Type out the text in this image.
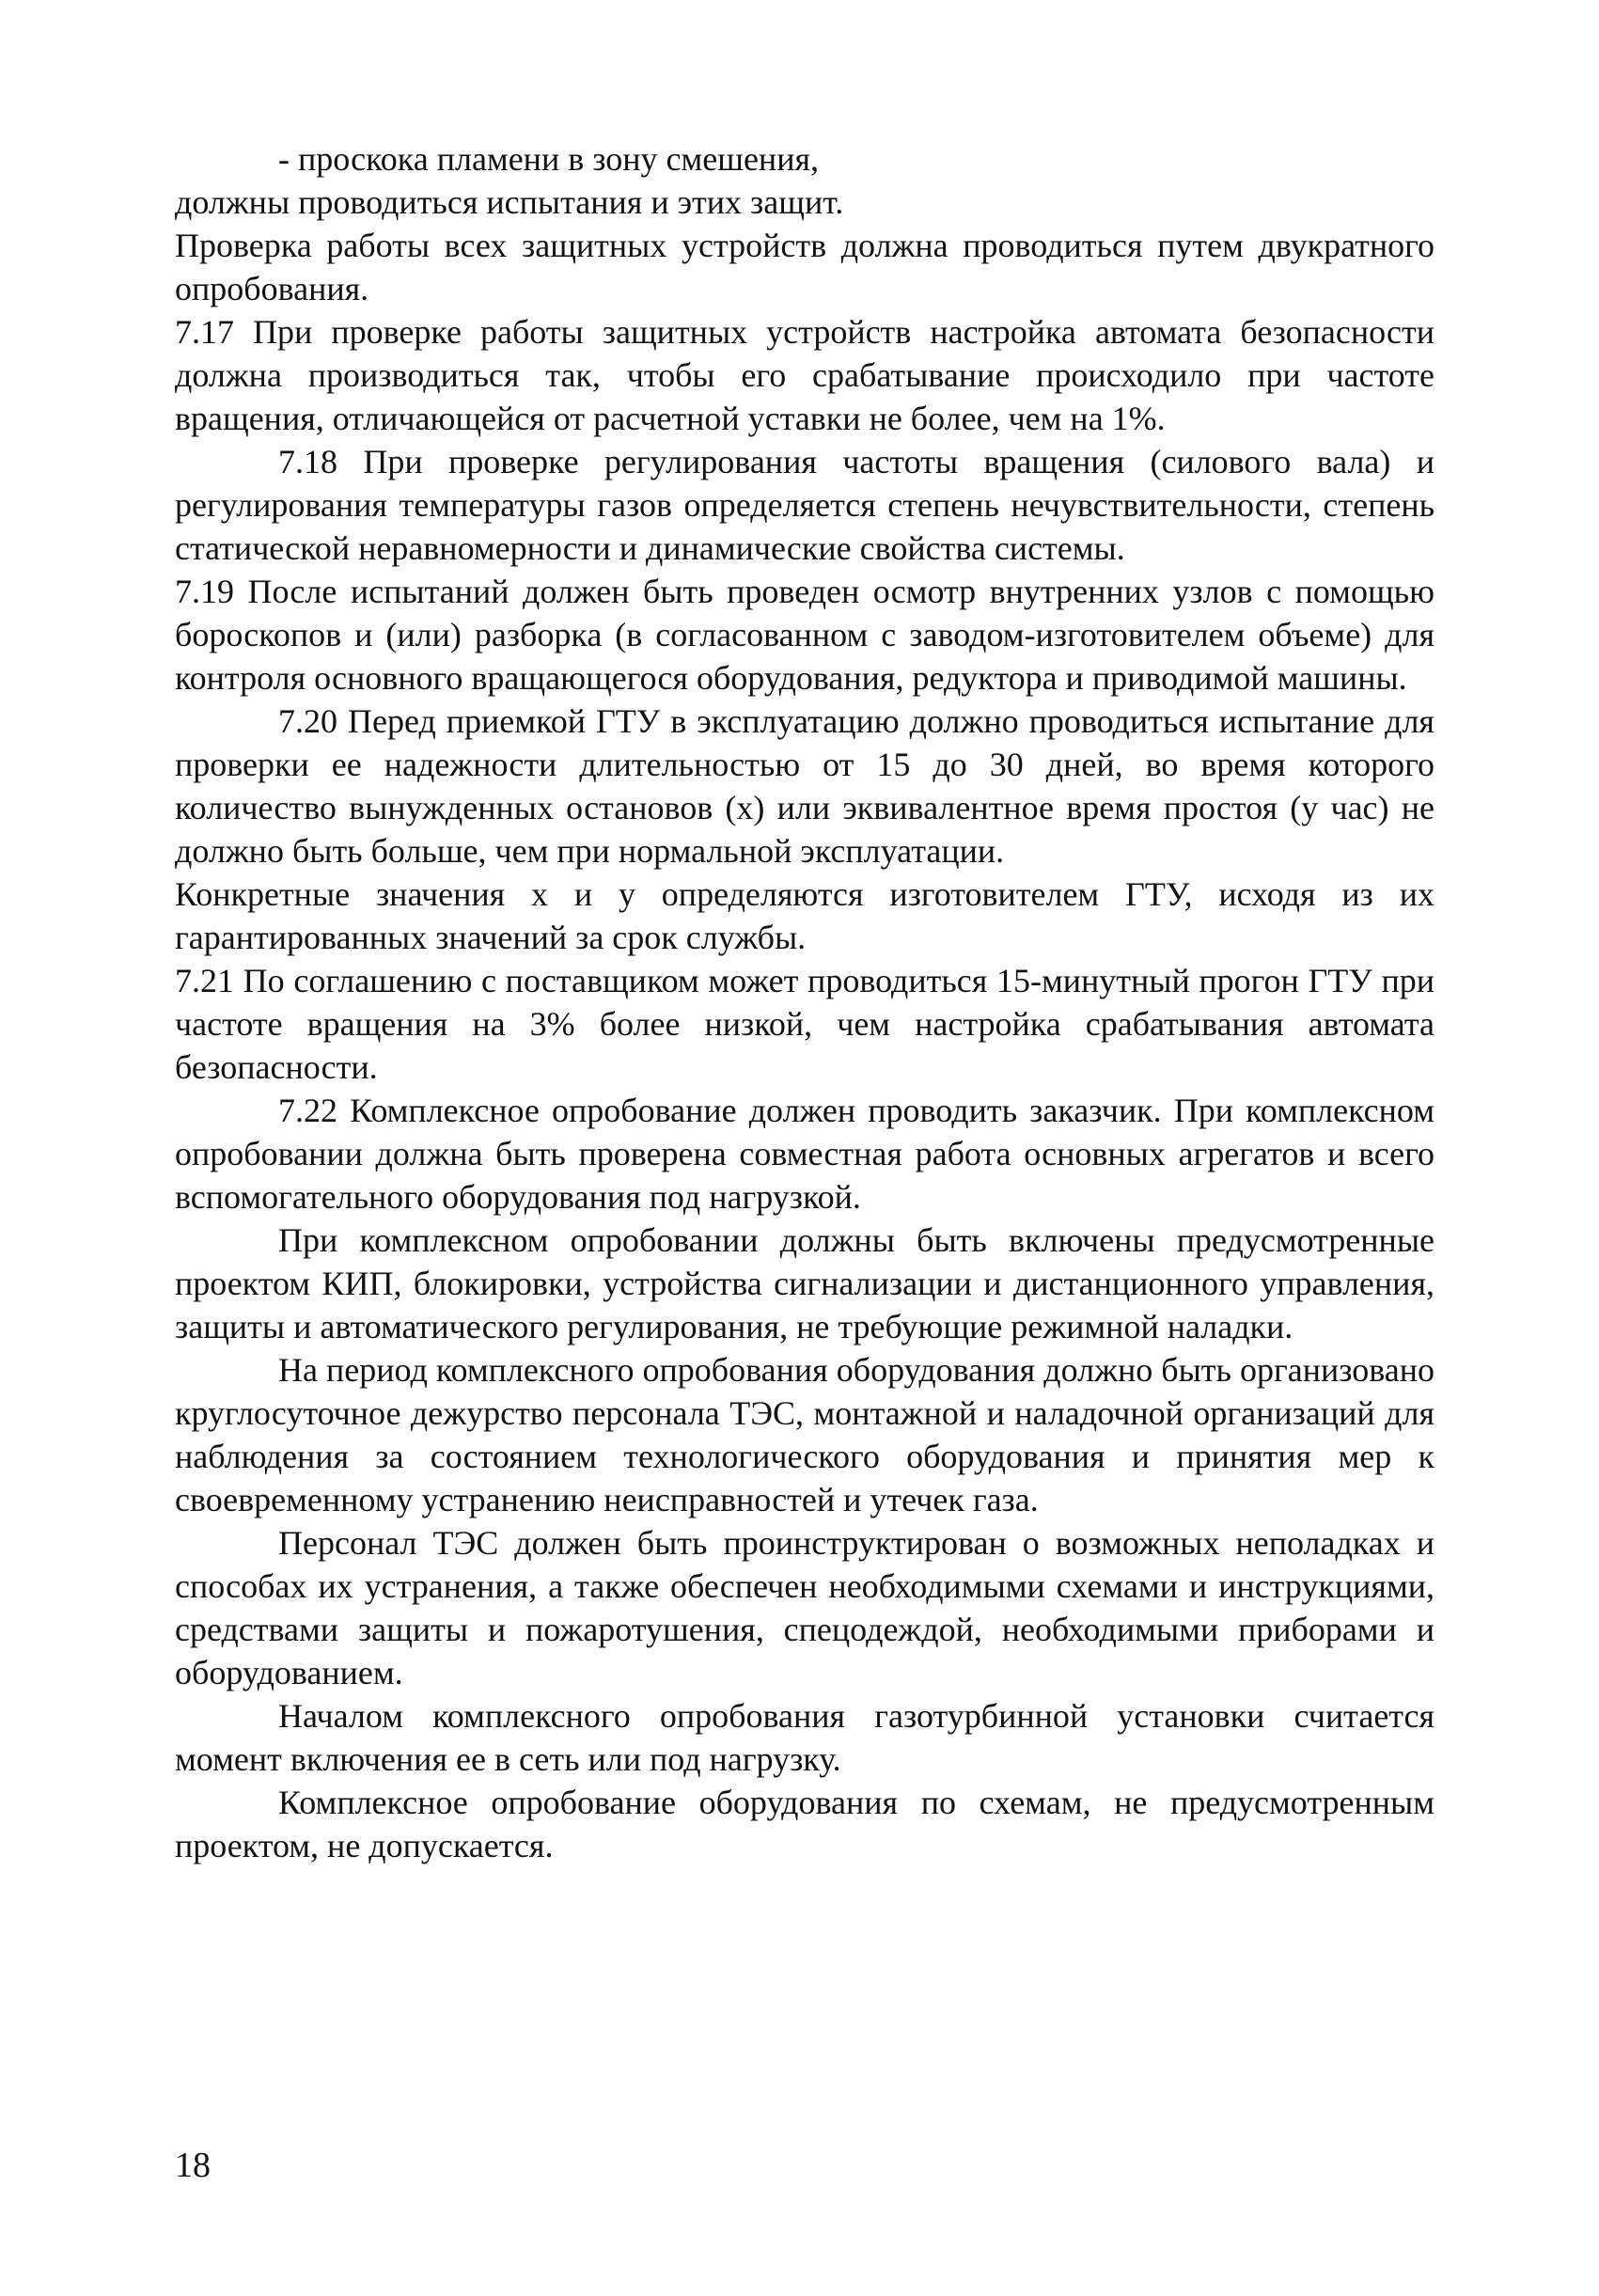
- проскока пламени в зону смешения,

должны проводиться испытания и этих защит.

Проверка работы всех защитных устройств должна проводиться путем двукратного опробования.

7.17 При проверке работы защитных устройств настройка автомата безопасности должна производиться так, чтобы его срабатывание происходило при частоте вращения, отличающейся от расчетной уставки не более, чем на 1%.

7.18 При проверке регулирования частоты вращения (силового вала) и регулирования температуры газов определяется степень нечувствительности, степень статической неравномерности и динамические свойства системы.

7.19 После испытаний должен быть проведен осмотр внутренних узлов с помощью бороскопов и (или) разборка (в согласованном с заводом-изготовителем объеме) для контроля основного вращающегося оборудования, редуктора и приводимой машины.

7.20 Перед приемкой ГТУ в эксплуатацию должно проводиться испытание для проверки ее надежности длительностью от 15 до 30 дней, во время которого количество вынужденных остановов (x) или эквивалентное время простоя (y час) не должно быть больше, чем при нормальной эксплуатации.

Конкретные значения x и y определяются изготовителем ГТУ, исходя из их гарантированных значений за срок службы.

7.21 По соглашению с поставщиком может проводиться 15-минутный прогон ГТУ при частоте вращения на 3% более низкой, чем настройка срабатывания автомата безопасности.

7.22 Комплексное опробование должен проводить заказчик. При комплексном опробовании должна быть проверена совместная работа основных агрегатов и всего вспомогательного оборудования под нагрузкой.

При комплексном опробовании должны быть включены предусмотренные проектом КИП, блокировки, устройства сигнализации и дистанционного управления, защиты и автоматического регулирования, не требующие режимной наладки.

На период комплексного опробования оборудования должно быть организовано круглосуточное дежурство персонала ТЭС, монтажной и наладочной организаций для наблюдения за состоянием технологического оборудования и принятия мер к своевременному устранению неисправностей и утечек газа.

Персонал ТЭС должен быть проинструктирован о возможных неполадках и способах их устранения, а также обеспечен необходимыми схемами и инструкциями, средствами защиты и пожаротушения, спецодеждой, необходимыми приборами и оборудованием.

Началом комплексного опробования газотурбинной установки считается момент включения ее в сеть или под нагрузку.

Комплексное опробование оборудования по схемам, не предусмотренным проектом, не допускается.

18
